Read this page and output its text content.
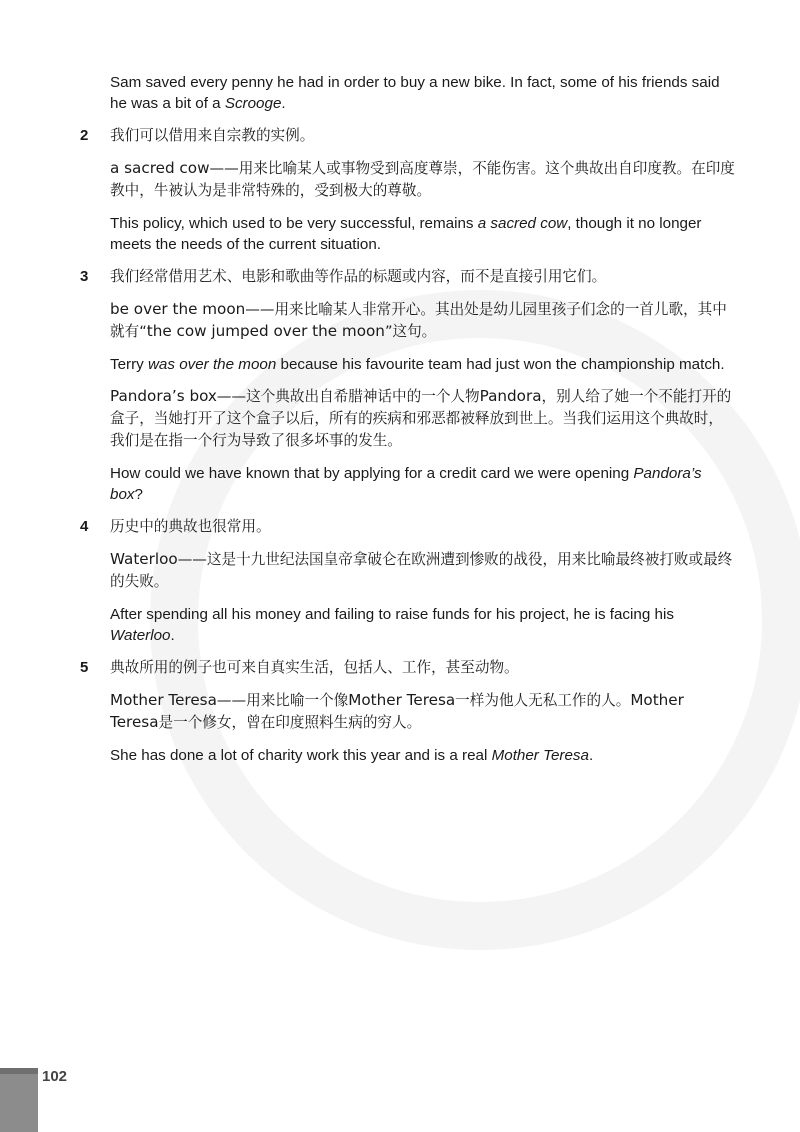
Sam saved every penny he had in order to buy a new bike. In fact, some of his friends said he was a bit of a Scrooge.

2	我们可以借用来自宗教的实例。

a sacred cow——用来比喻某人或事物受到高度尊崇，不能伤害。这个典故出自印度教。在印度教中，牛被认为是非常特殊的，受到极大的尊敬。

This policy, which used to be very successful, remains a sacred cow, though it no longer meets the needs of the current situation.

3	我们经常借用艺术、电影和歌曲等作品的标题或内容，而不是直接引用它们。

be over the moon——用来比喻某人非常开心。其出处是幼儿园里孩子们念的一首儿歌，其中就有“the cow jumped over the moon”这句。

Terry was over the moon because his favourite team had just won the championship match.

Pandora’s box——这个典故出自希腊神话中的一个人物Pandora，别人给了她一个不能打开的盒子，当她打开了这个盒子以后，所有的疾病和邪恶都被释放到世上。当我们运用这个典故时，我们是在指一个行为导致了很多坏事的发生。

How could we have known that by applying for a credit card we were opening Pandora’s box?

4	历史中的典故也很常用。

Waterloo——这是十九世纪法国皇帝拿破仑在欧洲遭到惨败的战役，用来比喻最终被打败或最终的失败。

After spending all his money and failing to raise funds for his project, he is facing his Waterloo.

5	典故所用的例子也可来自真实生活，包括人、工作，甚至动物。

Mother Teresa——用来比喻一个像Mother Teresa一样为他人无私工作的人。Mother Teresa是一个修女，曾在印度照料生病的穷人。

She has done a lot of charity work this year and is a real Mother Teresa.

102
